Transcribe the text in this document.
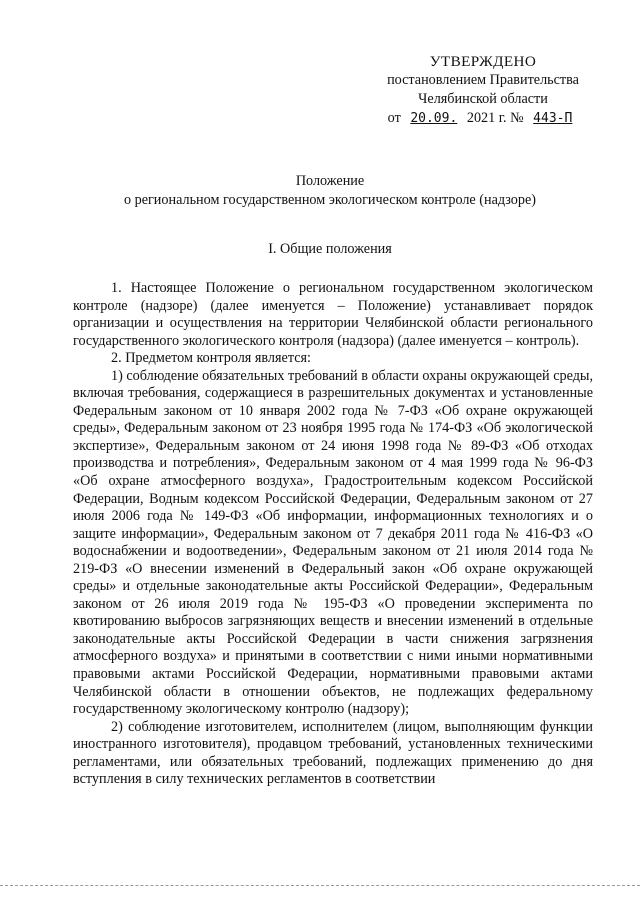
УТВЕРЖДЕНО
постановлением Правительства
Челябинской области
от 20.09. 2021 г. № 443-П
Положение
о региональном государственном экологическом контроле (надзоре)
I. Общие положения

1. Настоящее Положение о региональном государственном экологическом контроле (надзоре) (далее именуется – Положение) устанавливает порядок организации и осуществления на территории Челябинской области регионального государственного экологического контроля (надзора) (далее именуется – контроль).

2. Предметом контроля является:

1) соблюдение обязательных требований в области охраны окружающей среды, включая требования, содержащиеся в разрешительных документах и установленные Федеральным законом от 10 января 2002 года № 7-ФЗ «Об охране окружающей среды», Федеральным законом от 23 ноября 1995 года № 174-ФЗ «Об экологической экспертизе», Федеральным законом от 24 июня 1998 года № 89-ФЗ «Об отходах производства и потребления», Федеральным законом от 4 мая 1999 года № 96-ФЗ «Об охране атмосферного воздуха», Градостроительным кодексом Российской Федерации, Водным кодексом Российской Федерации, Федеральным законом от 27 июля 2006 года № 149-ФЗ «Об информации, информационных технологиях и о защите информации», Федеральным законом от 7 декабря 2011 года № 416-ФЗ «О водоснабжении и водоотведении», Федеральным законом от 21 июля 2014 года № 219-ФЗ «О внесении изменений в Федеральный закон «Об охране окружающей среды» и отдельные законодательные акты Российской Федерации», Федеральным законом от 26 июля 2019 года № 195-ФЗ «О проведении эксперимента по квотированию выбросов загрязняющих веществ и внесении изменений в отдельные законодательные акты Российской Федерации в части снижения загрязнения атмосферного воздуха» и принятыми в соответствии с ними иными нормативными правовыми актами Российской Федерации, нормативными правовыми актами Челябинской области в отношении объектов, не подлежащих федеральному государственному экологическому контролю (надзору);

2) соблюдение изготовителем, исполнителем (лицом, выполняющим функции иностранного изготовителя), продавцом требований, установленных техническими регламентами, или обязательных требований, подлежащих применению до дня вступления в силу технических регламентов в соответствии
